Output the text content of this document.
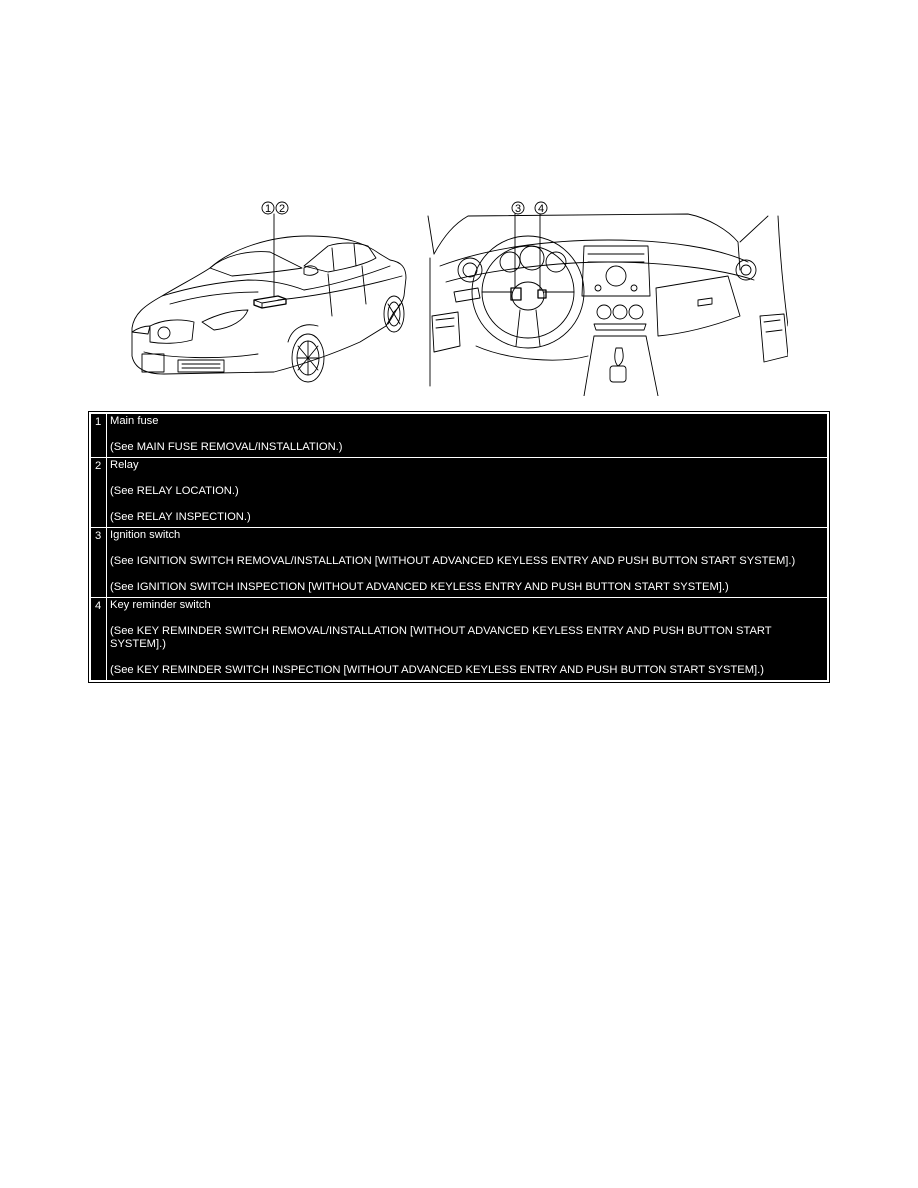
1 2	3 4
1	Main fuse

(See MAIN FUSE REMOVAL/INSTALLATION.)

2	Relay

(See RELAY LOCATION.)

(See RELAY INSPECTION.)

3	Ignition switch

(See IGNITION SWITCH REMOVAL/INSTALLATION [WITHOUT ADVANCED KEYLESS ENTRY AND PUSH BUTTON START SYSTEM].)

(See IGNITION SWITCH INSPECTION [WITHOUT ADVANCED KEYLESS ENTRY AND PUSH BUTTON START SYSTEM].)

4	Key reminder switch

(See KEY REMINDER SWITCH REMOVAL/INSTALLATION [WITHOUT ADVANCED KEYLESS ENTRY AND PUSH BUTTON START SYSTEM].)

(See KEY REMINDER SWITCH INSPECTION [WITHOUT ADVANCED KEYLESS ENTRY AND PUSH BUTTON START SYSTEM].)
